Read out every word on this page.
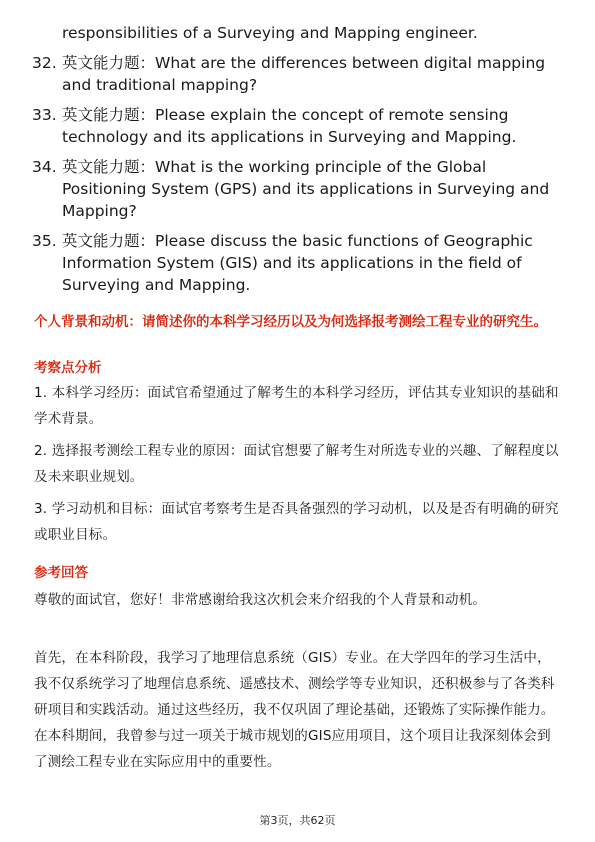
responsibilities of a Surveying and Mapping engineer.
32. 英文能力题：What are the differences between digital mapping and traditional mapping?
33. 英文能力题：Please explain the concept of remote sensing technology and its applications in Surveying and Mapping.
34. 英文能力题：What is the working principle of the Global Positioning System (GPS) and its applications in Surveying and Mapping?
35. 英文能力题：Please discuss the basic functions of Geographic Information System (GIS) and its applications in the field of Surveying and Mapping.
个人背景和动机：请简述你的本科学习经历以及为何选择报考测绘工程专业的研究生。
考察点分析
1. 本科学习经历：面试官希望通过了解考生的本科学习经历，评估其专业知识的基础和学术背景。
2. 选择报考测绘工程专业的原因：面试官想要了解考生对所选专业的兴趣、了解程度以及未来职业规划。
3. 学习动机和目标：面试官考察考生是否具备强烈的学习动机，以及是否有明确的研究或职业目标。
参考回答
尊敬的面试官，您好！非常感谢给我这次机会来介绍我的个人背景和动机。
首先，在本科阶段，我学习了地理信息系统（GIS）专业。在大学四年的学习生活中，我不仅系统学习了地理信息系统、遥感技术、测绘学等专业知识，还积极参与了各类科研项目和实践活动。通过这些经历，我不仅巩固了理论基础，还锻炼了实际操作能力。在本科期间，我曾参与过一项关于城市规划的GIS应用项目，这个项目让我深刻体会到了测绘工程专业在实际应用中的重要性。
第3页，共62页
